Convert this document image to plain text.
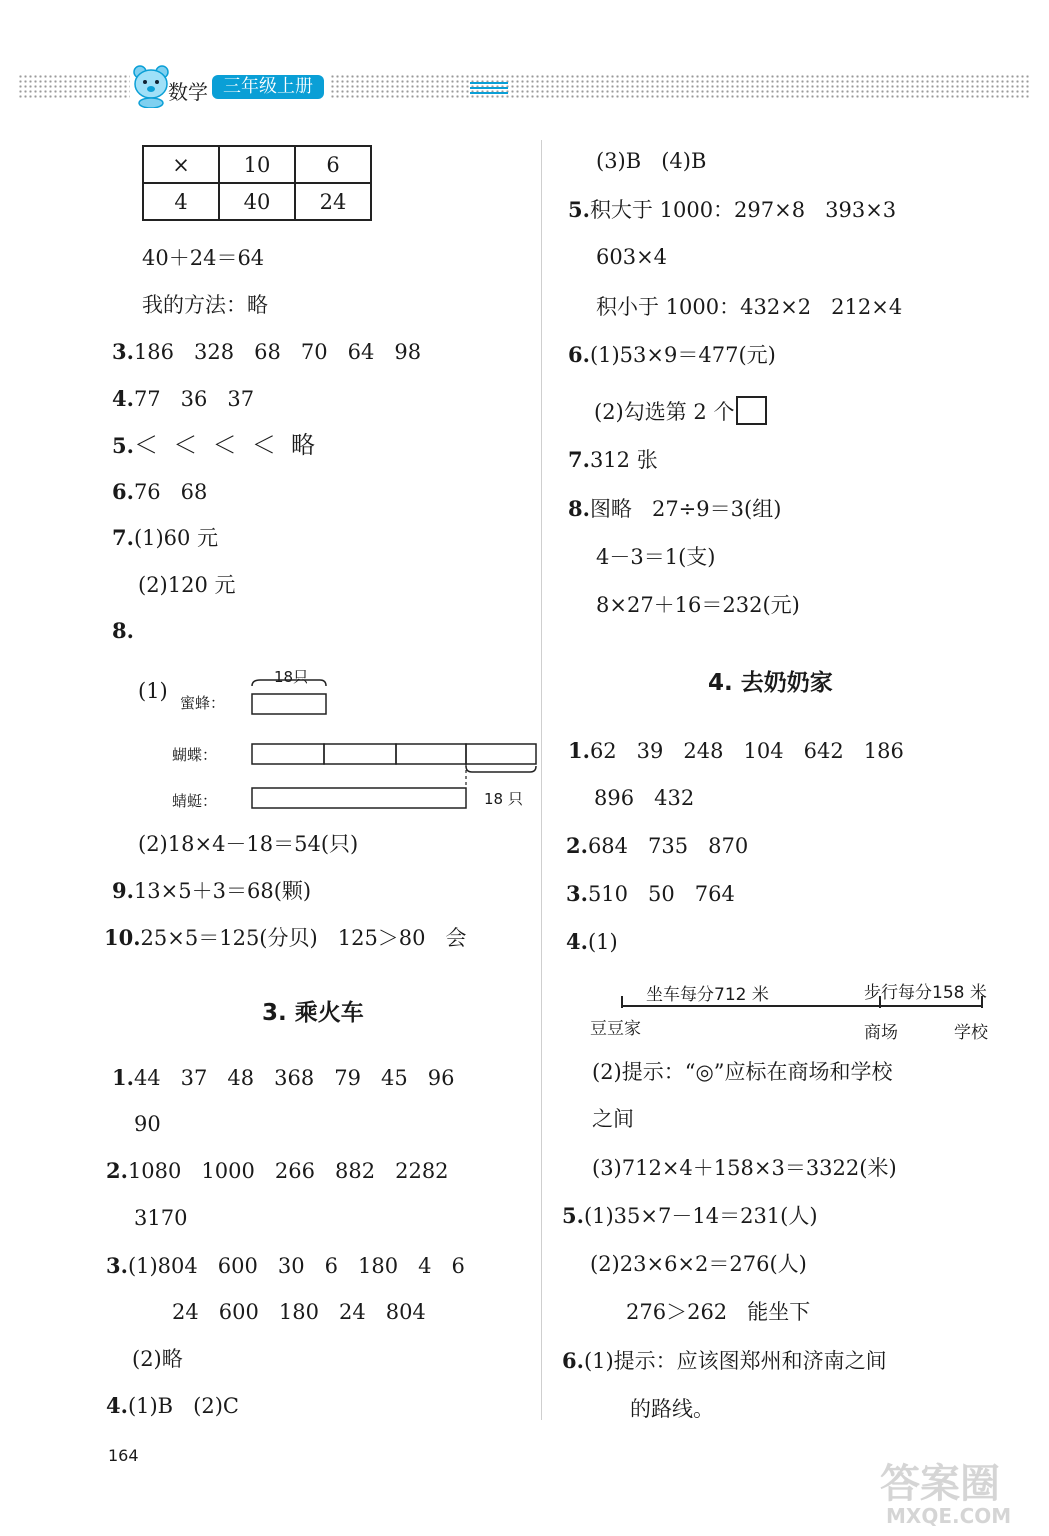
数学 三年级上册
×	10	6
4	40	24
40＋24＝64
我的方法：略
3.186   328   68   70   64   98
4.77   36   37
5.＜  ＜  ＜  ＜  略
6.76   68
7.(1)60 元
(2)120 元
8.
(1) 蜜蜂：
蝴蝶：
蜻蜓：
18只
18 只
(2)18×4－18＝54(只)
9.13×5＋3＝68(颗)
10.25×5＝125(分贝)   125＞80   会
3. 乘火车
1.44   37   48   368   79   45   96
90
2.1080   1000   266   882   2282
3170
3.(1)804   600   30   6   180   4   6
24   600   180   24   804
(2)略
4.(1)B   (2)C
(3)B   (4)B
5.积大于 1000：297×8   393×3
603×4
积小于 1000：432×2   212×4
6.(1)53×9＝477(元)
(2)勾选第 2 个
7.312 张
8.图略   27÷9＝3(组)
4－3＝1(支)
8×27＋16＝232(元)
4. 去奶奶家
1.62   39   248   104   642   186
896   432
2.684   735   870
3.510   50   764
4.(1)
坐车每分712 米	步行每分158 米
豆豆家	商场	学校
(2)提示：“◎”应标在商场和学校
之间
(3)712×4＋158×3＝3322(米)
5.(1)35×7－14＝231(人)
(2)23×6×2＝276(人)
276＞262   能坐下
6.(1)提示：应该图郑州和济南之间
的路线。
164
答案圈
MXQE.COM
